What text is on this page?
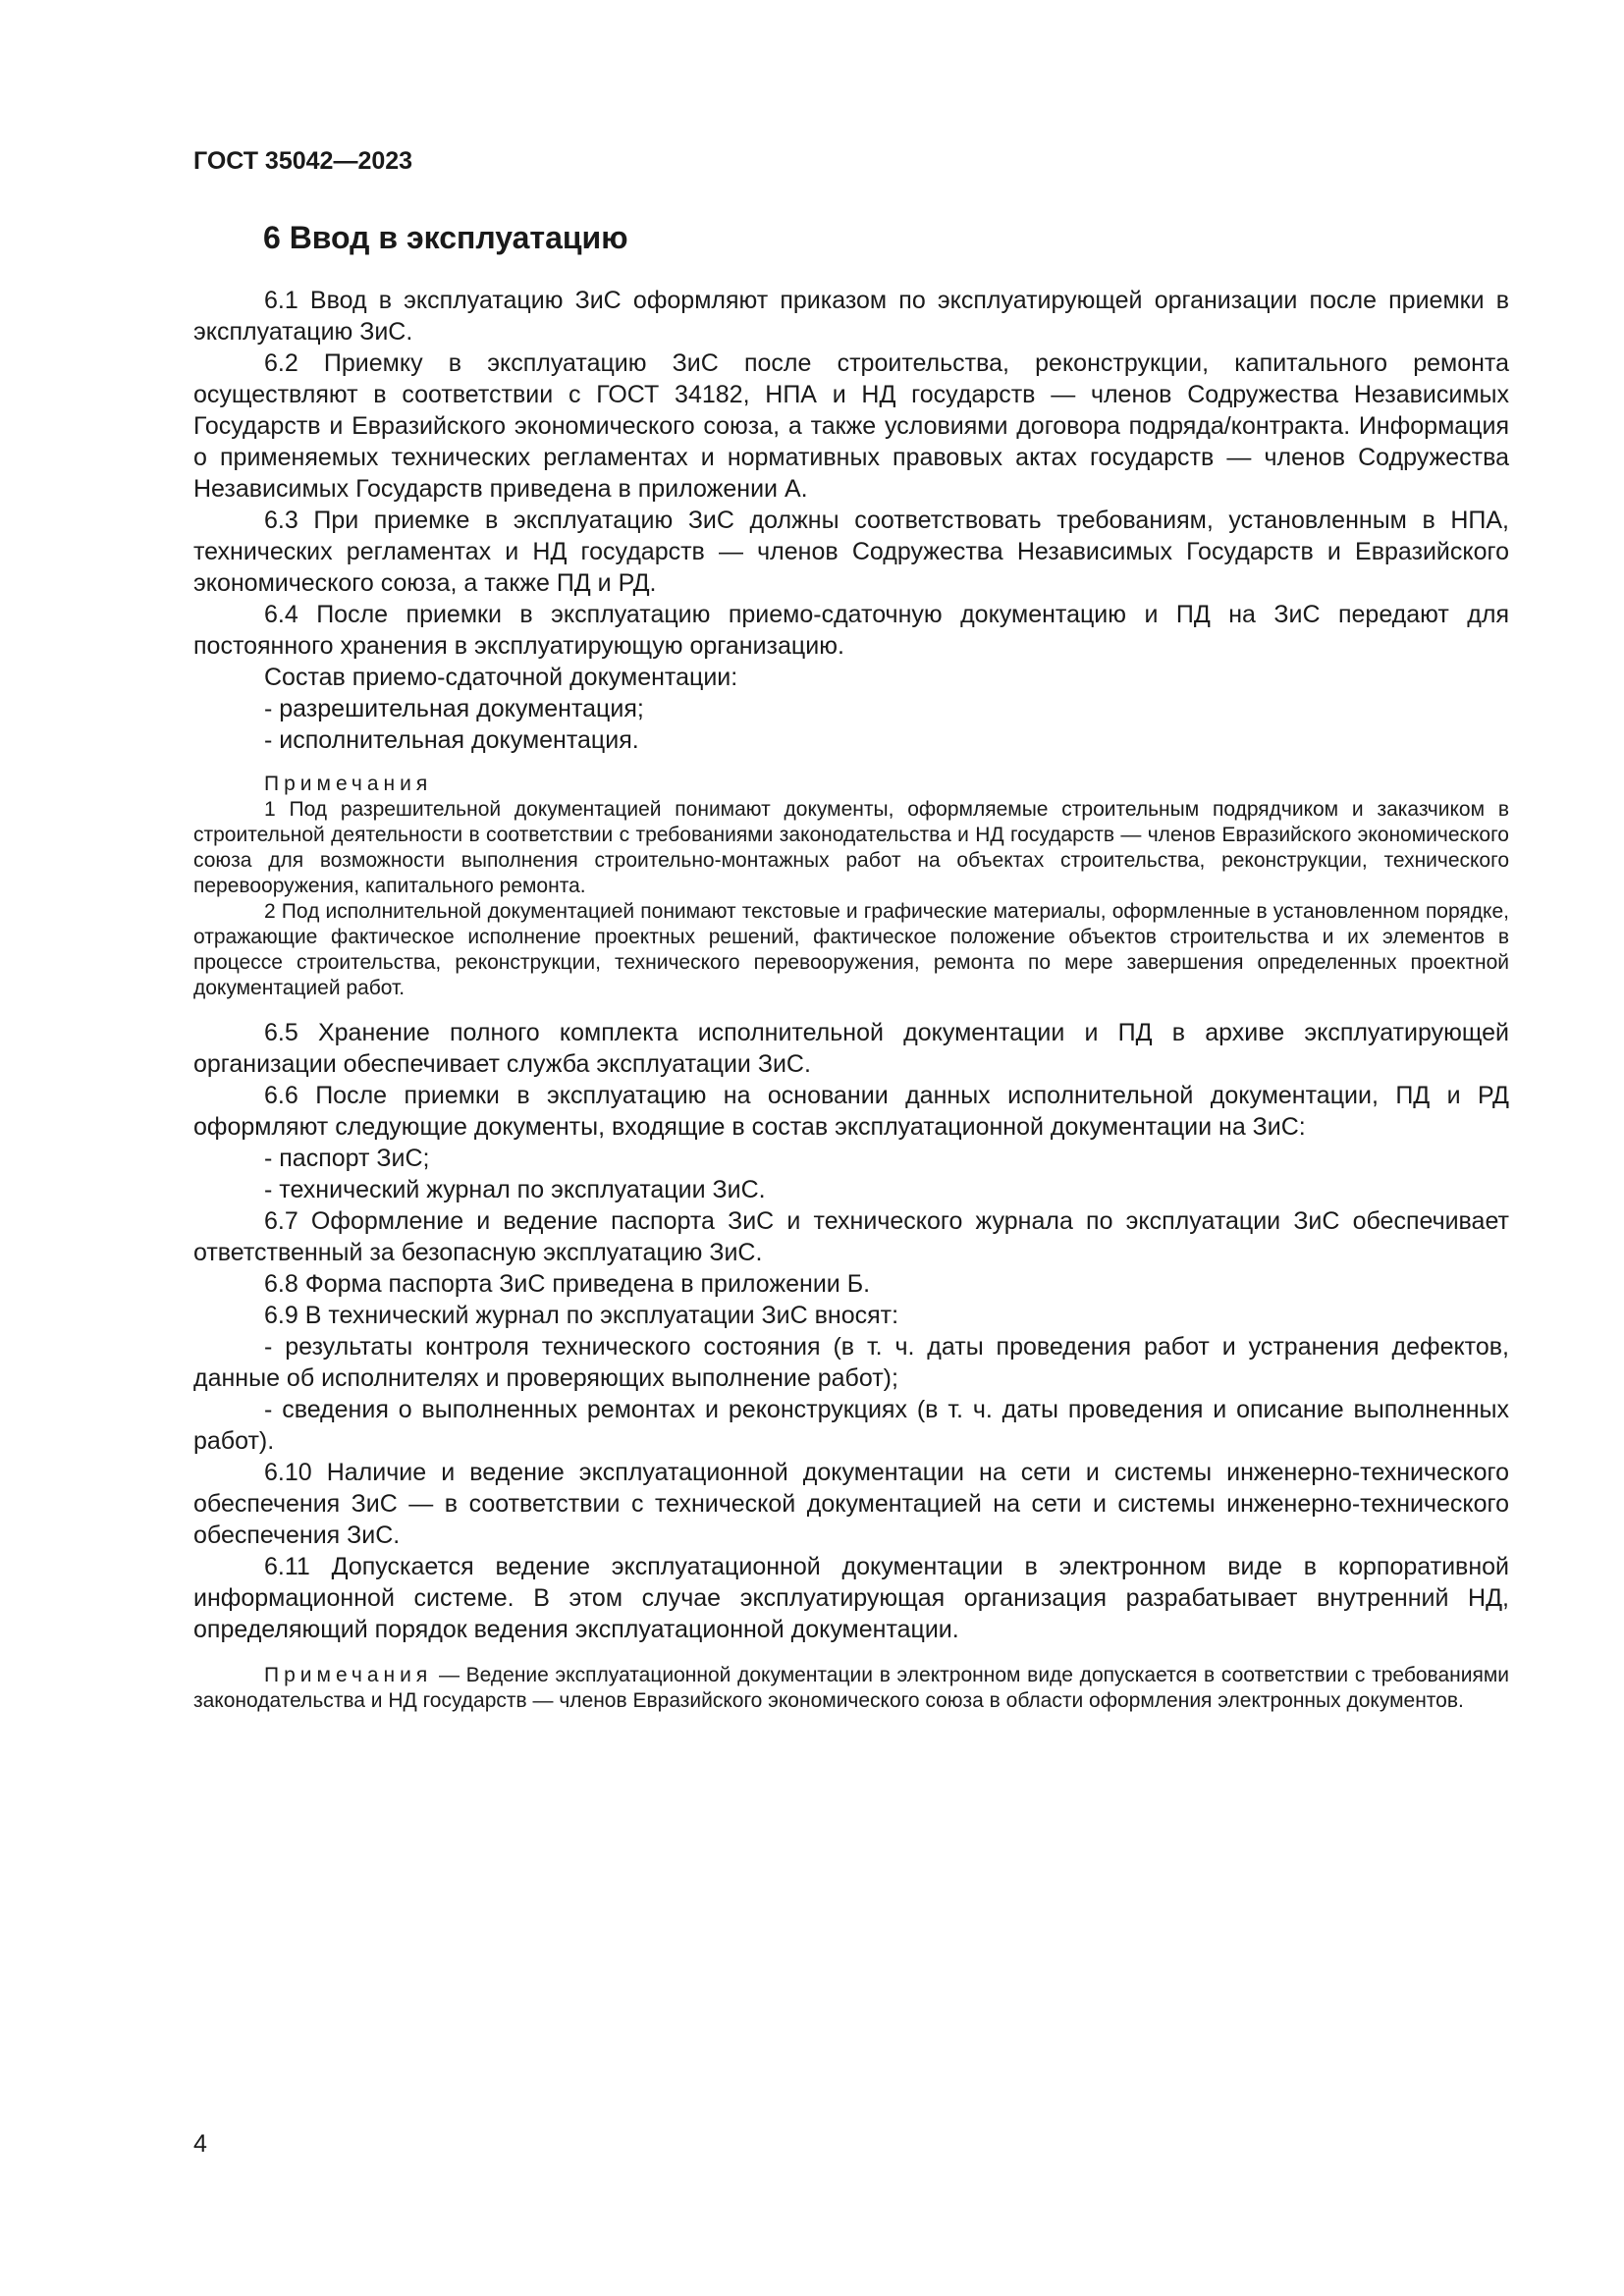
ГОСТ 35042—2023

6 Ввод в эксплуатацию

6.1 Ввод в эксплуатацию ЗиС оформляют приказом по эксплуатирующей организации после приемки в эксплуатацию ЗиС.

6.2 Приемку в эксплуатацию ЗиС после строительства, реконструкции, капитального ремонта осуществляют в соответствии с ГОСТ 34182, НПА и НД государств — членов Содружества Независимых Государств и Евразийского экономического союза, а также условиями договора подряда/контракта. Информация о применяемых технических регламентах и нормативных правовых актах государств — членов Содружества Независимых Государств приведена в приложении А.

6.3 При приемке в эксплуатацию ЗиС должны соответствовать требованиям, установленным в НПА, технических регламентах и НД государств — членов Содружества Независимых Государств и Евразийского экономического союза, а также ПД и РД.

6.4 После приемки в эксплуатацию приемо-сдаточную документацию и ПД на ЗиС передают для постоянного хранения в эксплуатирующую организацию.

Состав приемо-сдаточной документации:

- разрешительная документация;

- исполнительная документация.

Примечания

1 Под разрешительной документацией понимают документы, оформляемые строительным подрядчиком и заказчиком в строительной деятельности в соответствии с требованиями законодательства и НД государств — членов Евразийского экономического союза для возможности выполнения строительно-монтажных работ на объектах строительства, реконструкции, технического перевооружения, капитального ремонта.

2 Под исполнительной документацией понимают текстовые и графические материалы, оформленные в установленном порядке, отражающие фактическое исполнение проектных решений, фактическое положение объектов строительства и их элементов в процессе строительства, реконструкции, технического перевооружения, ремонта по мере завершения определенных проектной документацией работ.

6.5 Хранение полного комплекта исполнительной документации и ПД в архиве эксплуатирующей организации обеспечивает служба эксплуатации ЗиС.

6.6 После приемки в эксплуатацию на основании данных исполнительной документации, ПД и РД оформляют следующие документы, входящие в состав эксплуатационной документации на ЗиС:

- паспорт ЗиС;

- технический журнал по эксплуатации ЗиС.

6.7 Оформление и ведение паспорта ЗиС и технического журнала по эксплуатации ЗиС обеспечивает ответственный за безопасную эксплуатацию ЗиС.

6.8 Форма паспорта ЗиС приведена в приложении Б.

6.9 В технический журнал по эксплуатации ЗиС вносят:

- результаты контроля технического состояния (в т. ч. даты проведения работ и устранения дефектов, данные об исполнителях и проверяющих выполнение работ);

- сведения о выполненных ремонтах и реконструкциях (в т. ч. даты проведения и описание выполненных работ).

6.10 Наличие и ведение эксплуатационной документации на сети и системы инженерно-технического обеспечения ЗиС — в соответствии с технической документацией на сети и системы инженерно-технического обеспечения ЗиС.

6.11 Допускается ведение эксплуатационной документации в электронном виде в корпоративной информационной системе. В этом случае эксплуатирующая организация разрабатывает внутренний НД, определяющий порядок ведения эксплуатационной документации.

Примечания — Ведение эксплуатационной документации в электронном виде допускается в соответствии с требованиями законодательства и НД государств — членов Евразийского экономического союза в области оформления электронных документов.

4
